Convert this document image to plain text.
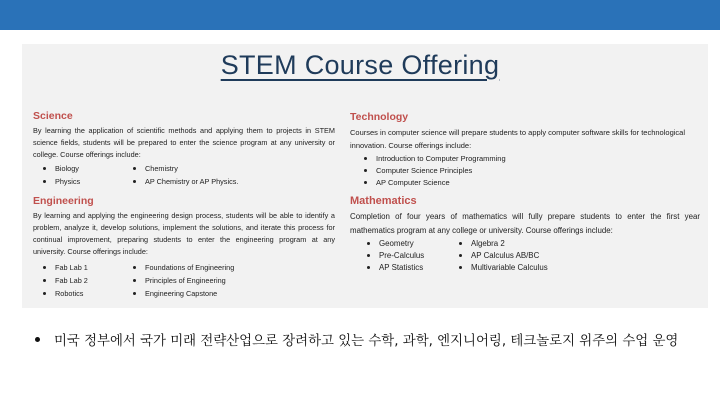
STEM Course Offering
Science
By learning the application of scientific methods and applying them to projects in STEM science fields, students will be prepared to enter the science program at any university or college. Course offerings include:
Biology	Chemistry
Physics	AP Chemistry or AP Physics.
Engineering
By learning and applying the engineering design process, students will be able to identify a problem, analyze it, develop solutions, implement the solutions, and iterate this process for continual improvement, preparing students to enter the engineering program at any university. Course offerings include:
Fab Lab 1	Foundations of Engineering
Fab Lab 2	Principles of Engineering
Robotics	Engineering Capstone
Technology
Courses in computer science will prepare students to apply computer software skills for technological innovation. Course offerings include:
Introduction to Computer Programming
Computer Science Principles
AP Computer Science
Mathematics
Completion of four years of mathematics will fully prepare students to enter the first year mathematics program at any college or university. Course offerings include:
Geometry	Algebra 2
Pre-Calculus	AP Calculus AB/BC
AP Statistics	Multivariable Calculus
미국 정부에서 국가 미래 전략산업으로 장려하고 있는 수학, 과학, 엔지니어링, 테크놀로지 위주의 수업 운영
